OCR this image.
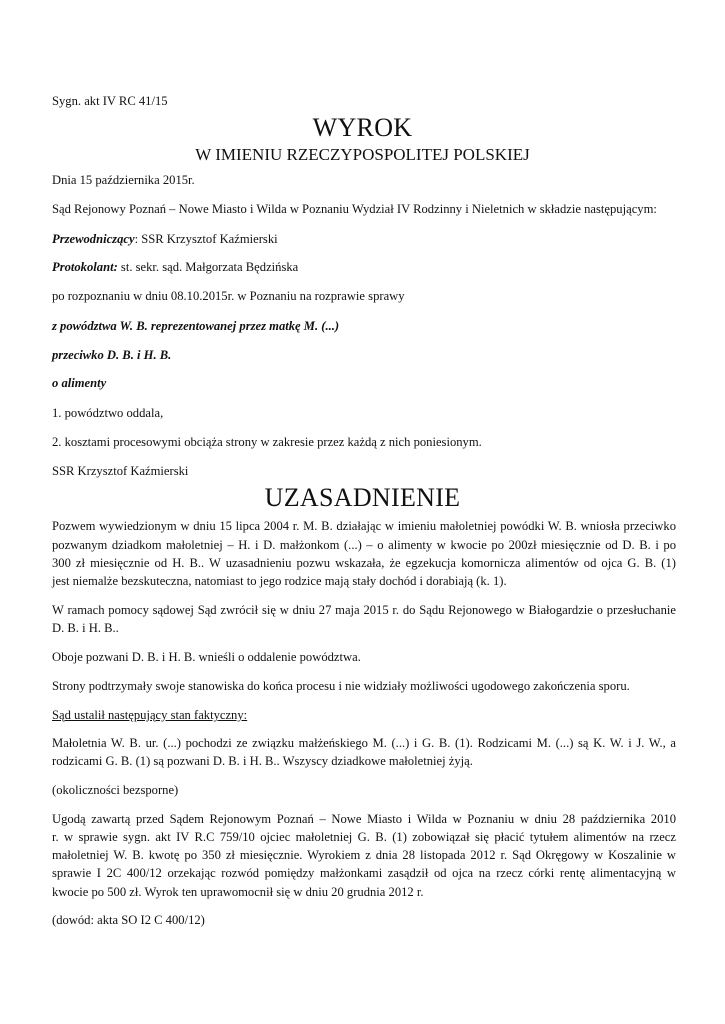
Sygn. akt IV RC 41/15
WYROK
W IMIENIU RZECZYPOSPOLITEJ POLSKIEJ
Dnia 15 października 2015r.
Sąd Rejonowy Poznań – Nowe Miasto i Wilda w Poznaniu Wydział IV Rodzinny i Nieletnich w składzie następującym:
Przewodniczący: SSR Krzysztof Kaźmierski
Protokolant: st. sekr. sąd. Małgorzata Będzińska
po rozpoznaniu w dniu 08.10.2015r. w Poznaniu na rozprawie sprawy
z powództwa W. B. reprezentowanej przez matkę M. (...)
przeciwko D. B. i H. B.
o alimenty
1. powództwo oddala,
2. kosztami procesowymi obciąża strony w zakresie przez każdą z nich poniesionym.
SSR Krzysztof Kaźmierski
UZASADNIENIE
Pozwem wywiedzionym w dniu 15 lipca 2004 r. M. B. działając w imieniu małoletniej powódki W. B. wniosła przeciwko
pozwanym dziadkom małoletniej – H. i D. małżonkom (...) – o alimenty w kwocie po 200zł miesięcznie od D. B. i po
300 zł miesięcznie od H. B.. W uzasadnieniu pozwu wskazała, że egzekucja komornicza alimentów od ojca G. B. (1)
jest niemalże bezskuteczna, natomiast to jego rodzice mają stały dochód i dorabiają (k. 1).
W ramach pomocy sądowej Sąd zwrócił się w dniu 27 maja 2015 r. do Sądu Rejonowego w Białogardzie o przesłuchanie
D. B. i H. B..
Oboje pozwani D. B. i H. B. wnieśli o oddalenie powództwa.
Strony podtrzymały swoje stanowiska do końca procesu i nie widziały możliwości ugodowego zakończenia sporu.
Sąd ustalił następujący stan faktyczny:
Małoletnia W. B. ur. (...) pochodzi ze związku małżeńskiego M. (...) i G. B. (1). Rodzicami M. (...) są K. W. i J. W., a
rodzicami G. B. (1) są pozwani D. B. i H. B.. Wszyscy dziadkowe małoletniej żyją.
(okoliczności bezsporne)
Ugodą zawartą przed Sądem Rejonowym Poznań – Nowe Miasto i Wilda w Poznaniu w dniu 28 października 2010
r. w sprawie sygn. akt IV R.C 759/10 ojciec małoletniej G. B. (1) zobowiązał się płacić tytułem alimentów na rzecz
małoletniej W. B. kwotę po 350 zł miesięcznie. Wyrokiem z dnia 28 listopada 2012 r. Sąd Okręgowy w Koszalinie w
sprawie I 2C 400/12 orzekając rozwód pomiędzy małżonkami zasądził od ojca na rzecz córki rentę alimentacyjną w
kwocie po 500 zł. Wyrok ten uprawomocnił się w dniu 20 grudnia 2012 r.
(dowód: akta SO I2 C 400/12)
